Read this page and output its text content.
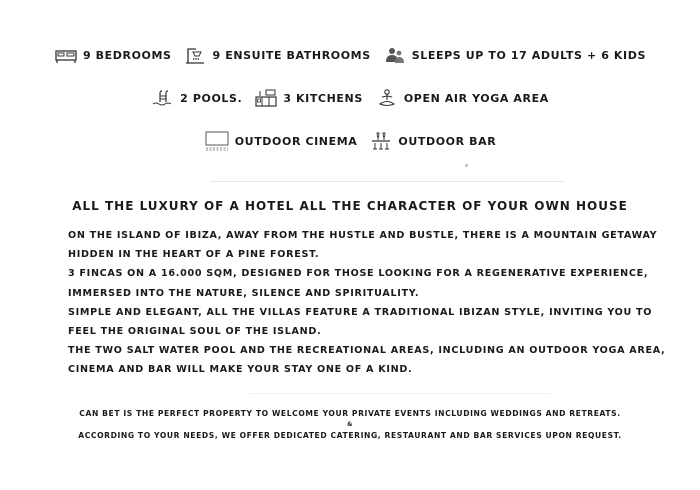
9 BEDROOMS	9 ENSUITE BATHROOMS	SLEEPS UP TO 17 ADULTS + 6 KIDS
2 POOLS.	3 KITCHENS	OPEN AIR YOGA AREA
OUTDOOR CINEMA	OUTDOOR BAR
ALL THE LUXURY OF A HOTEL ALL THE CHARACTER OF YOUR OWN HOUSE
ON THE ISLAND OF IBIZA, AWAY FROM THE HUSTLE AND BUSTLE, THERE IS A MOUNTAIN GETAWAY
HIDDEN IN THE HEART OF A PINE FOREST.
3 FINCAS ON A 16.000 SQM, DESIGNED FOR THOSE LOOKING FOR A REGENERATIVE EXPERIENCE,
IMMERSED INTO THE NATURE, SILENCE AND SPIRITUALITY.
SIMPLE AND ELEGANT, ALL THE VILLAS FEATURE A TRADITIONAL IBIZAN STYLE, INVITING YOU TO
FEEL THE ORIGINAL SOUL OF THE ISLAND.
THE TWO SALT WATER POOL AND THE RECREATIONAL AREAS, INCLUDING AN OUTDOOR YOGA AREA,
CINEMA AND BAR WILL MAKE YOUR STAY ONE OF A KIND.
CAN BET IS THE PERFECT PROPERTY TO WELCOME YOUR PRIVATE EVENTS INCLUDING WEDDINGS AND RETREATS.
&
ACCORDING TO YOUR NEEDS, WE OFFER DEDICATED CATERING, RESTAURANT AND BAR SERVICES UPON REQUEST.
